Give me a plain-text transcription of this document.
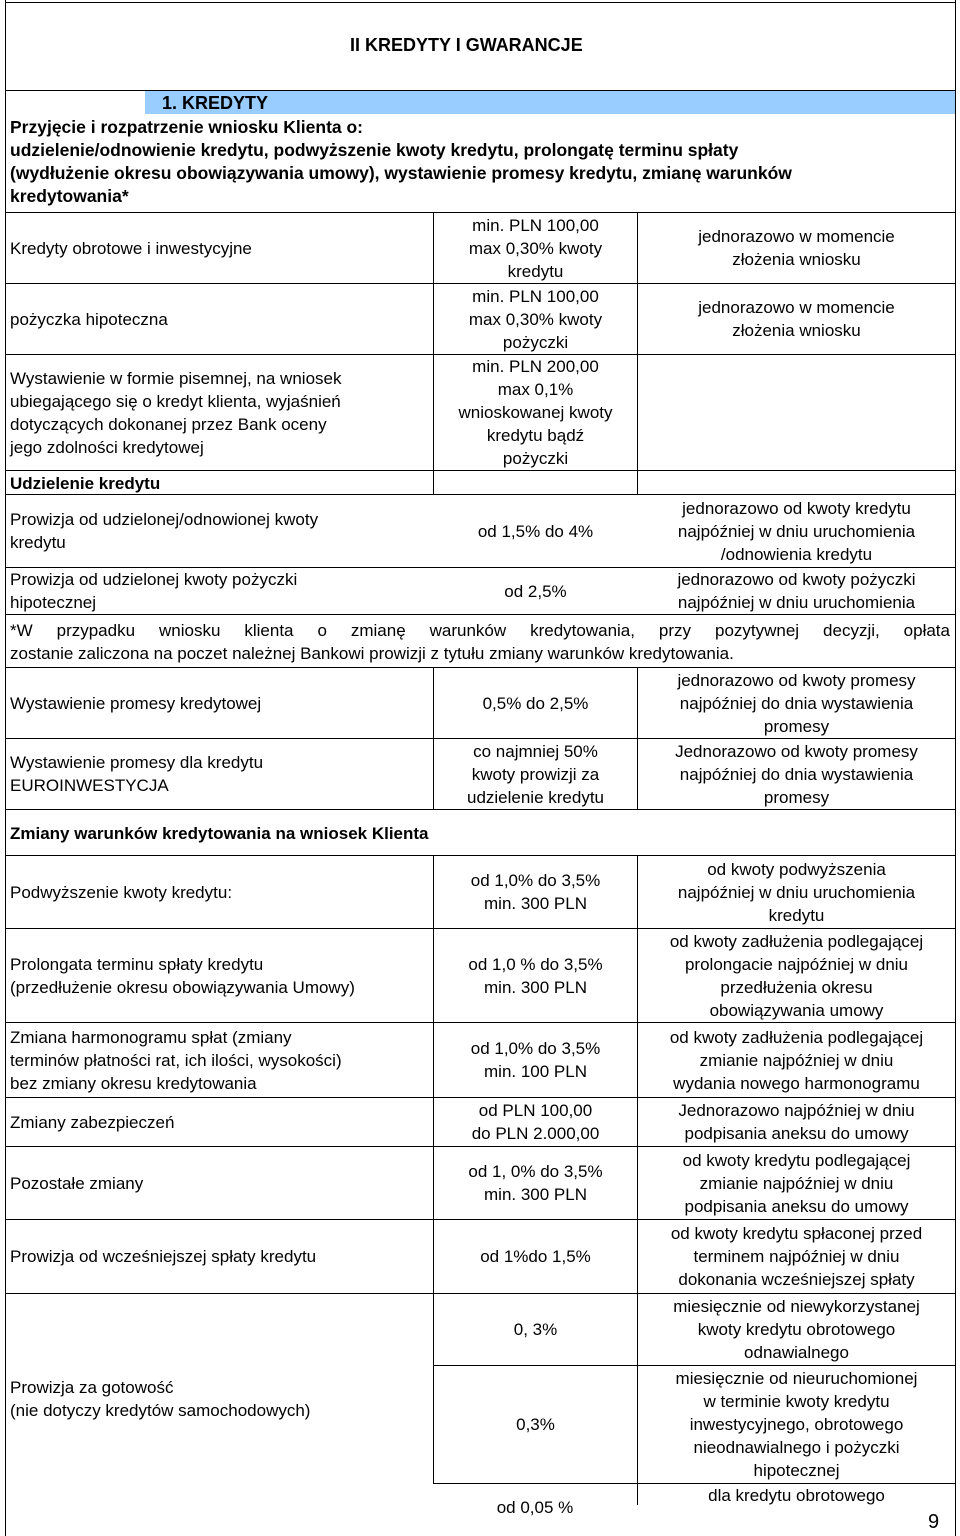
II KREDYTY I GWARANCJE
1. KREDYTY
Przyjęcie i rozpatrzenie wniosku Klienta o:
udzielenie/odnowienie kredytu, podwyższenie kwoty kredytu, prolongatę terminu spłaty
(wydłużenie okresu obowiązywania umowy), wystawienie promesy kredytu, zmianę warunków
kredytowania*
Kredyty obrotowe i inwestycyjne
min. PLN 100,00
max 0,30% kwoty
kredytu
jednorazowo w momencie
złożenia wniosku
pożyczka hipoteczna
min. PLN 100,00
max 0,30% kwoty
pożyczki
jednorazowo w momencie
złożenia wniosku
Wystawienie w formie pisemnej, na wniosek
ubiegającego się o kredyt klienta, wyjaśnień
dotyczących dokonanej przez Bank oceny
jego zdolności kredytowej
min. PLN 200,00
max 0,1%
wnioskowanej kwoty
kredytu bądź
pożyczki
Udzielenie kredytu
Prowizja od udzielonej/odnowionej kwoty
kredytu
od 1,5% do 4%
jednorazowo od kwoty kredytu
najpóźniej w dniu uruchomienia
/odnowienia kredytu
Prowizja od udzielonej kwoty pożyczki
hipotecznej
od 2,5%
jednorazowo od kwoty pożyczki
najpóźniej w dniu uruchomienia
*W przypadku wniosku klienta o zmianę warunków kredytowania, przy pozytywnej decyzji, opłata
zostanie zaliczona na poczet należnej Bankowi prowizji z tytułu zmiany warunków kredytowania.
Wystawienie promesy kredytowej	0,5% do 2,5%
jednorazowo od kwoty promesy
najpóźniej do dnia wystawienia
promesy
Wystawienie promesy dla kredytu
EUROINWESTYCJA
co najmniej 50%
kwoty prowizji za
udzielenie kredytu
Jednorazowo od kwoty promesy
najpóźniej do dnia wystawienia
promesy
Zmiany warunków kredytowania na wniosek Klienta
Podwyższenie kwoty kredytu:
od 1,0% do 3,5%
min. 300 PLN
od kwoty podwyższenia
najpóźniej w dniu uruchomienia
kredytu
Prolongata terminu spłaty kredytu
(przedłużenie okresu obowiązywania Umowy)
od 1,0 % do 3,5%
min. 300 PLN
od kwoty zadłużenia podlegającej
prolongacie najpóźniej w dniu
przedłużenia okresu
obowiązywania umowy
Zmiana harmonogramu spłat (zmiany
terminów płatności rat, ich ilości, wysokości)
bez zmiany okresu kredytowania
od 1,0% do 3,5%
min. 100 PLN
od kwoty zadłużenia podlegającej
zmianie najpóźniej w dniu
wydania nowego harmonogramu
Zmiany zabezpieczeń
od PLN 100,00
do PLN 2.000,00
Jednorazowo najpóźniej w dniu
podpisania aneksu do umowy
Pozostałe zmiany
od 1, 0% do 3,5%
min. 300 PLN
od kwoty kredytu podlegającej
zmianie najpóźniej w dniu
podpisania aneksu do umowy
Prowizja od wcześniejszej spłaty kredytu	od 1%do 1,5%
od kwoty kredytu spłaconej przed
terminem najpóźniej w dniu
dokonania wcześniejszej spłaty
Prowizja za gotowość
(nie dotyczy kredytów samochodowych)
0, 3%
miesięcznie od niewykorzystanej
kwoty kredytu obrotowego
odnawialnego
0,3%
miesięcznie od nieuruchomionej
w terminie kwoty kredytu
inwestycyjnego, obrotowego
nieodnawialnego i pożyczki
hipotecznej
od 0,05 %
dla kredytu obrotowego
9
